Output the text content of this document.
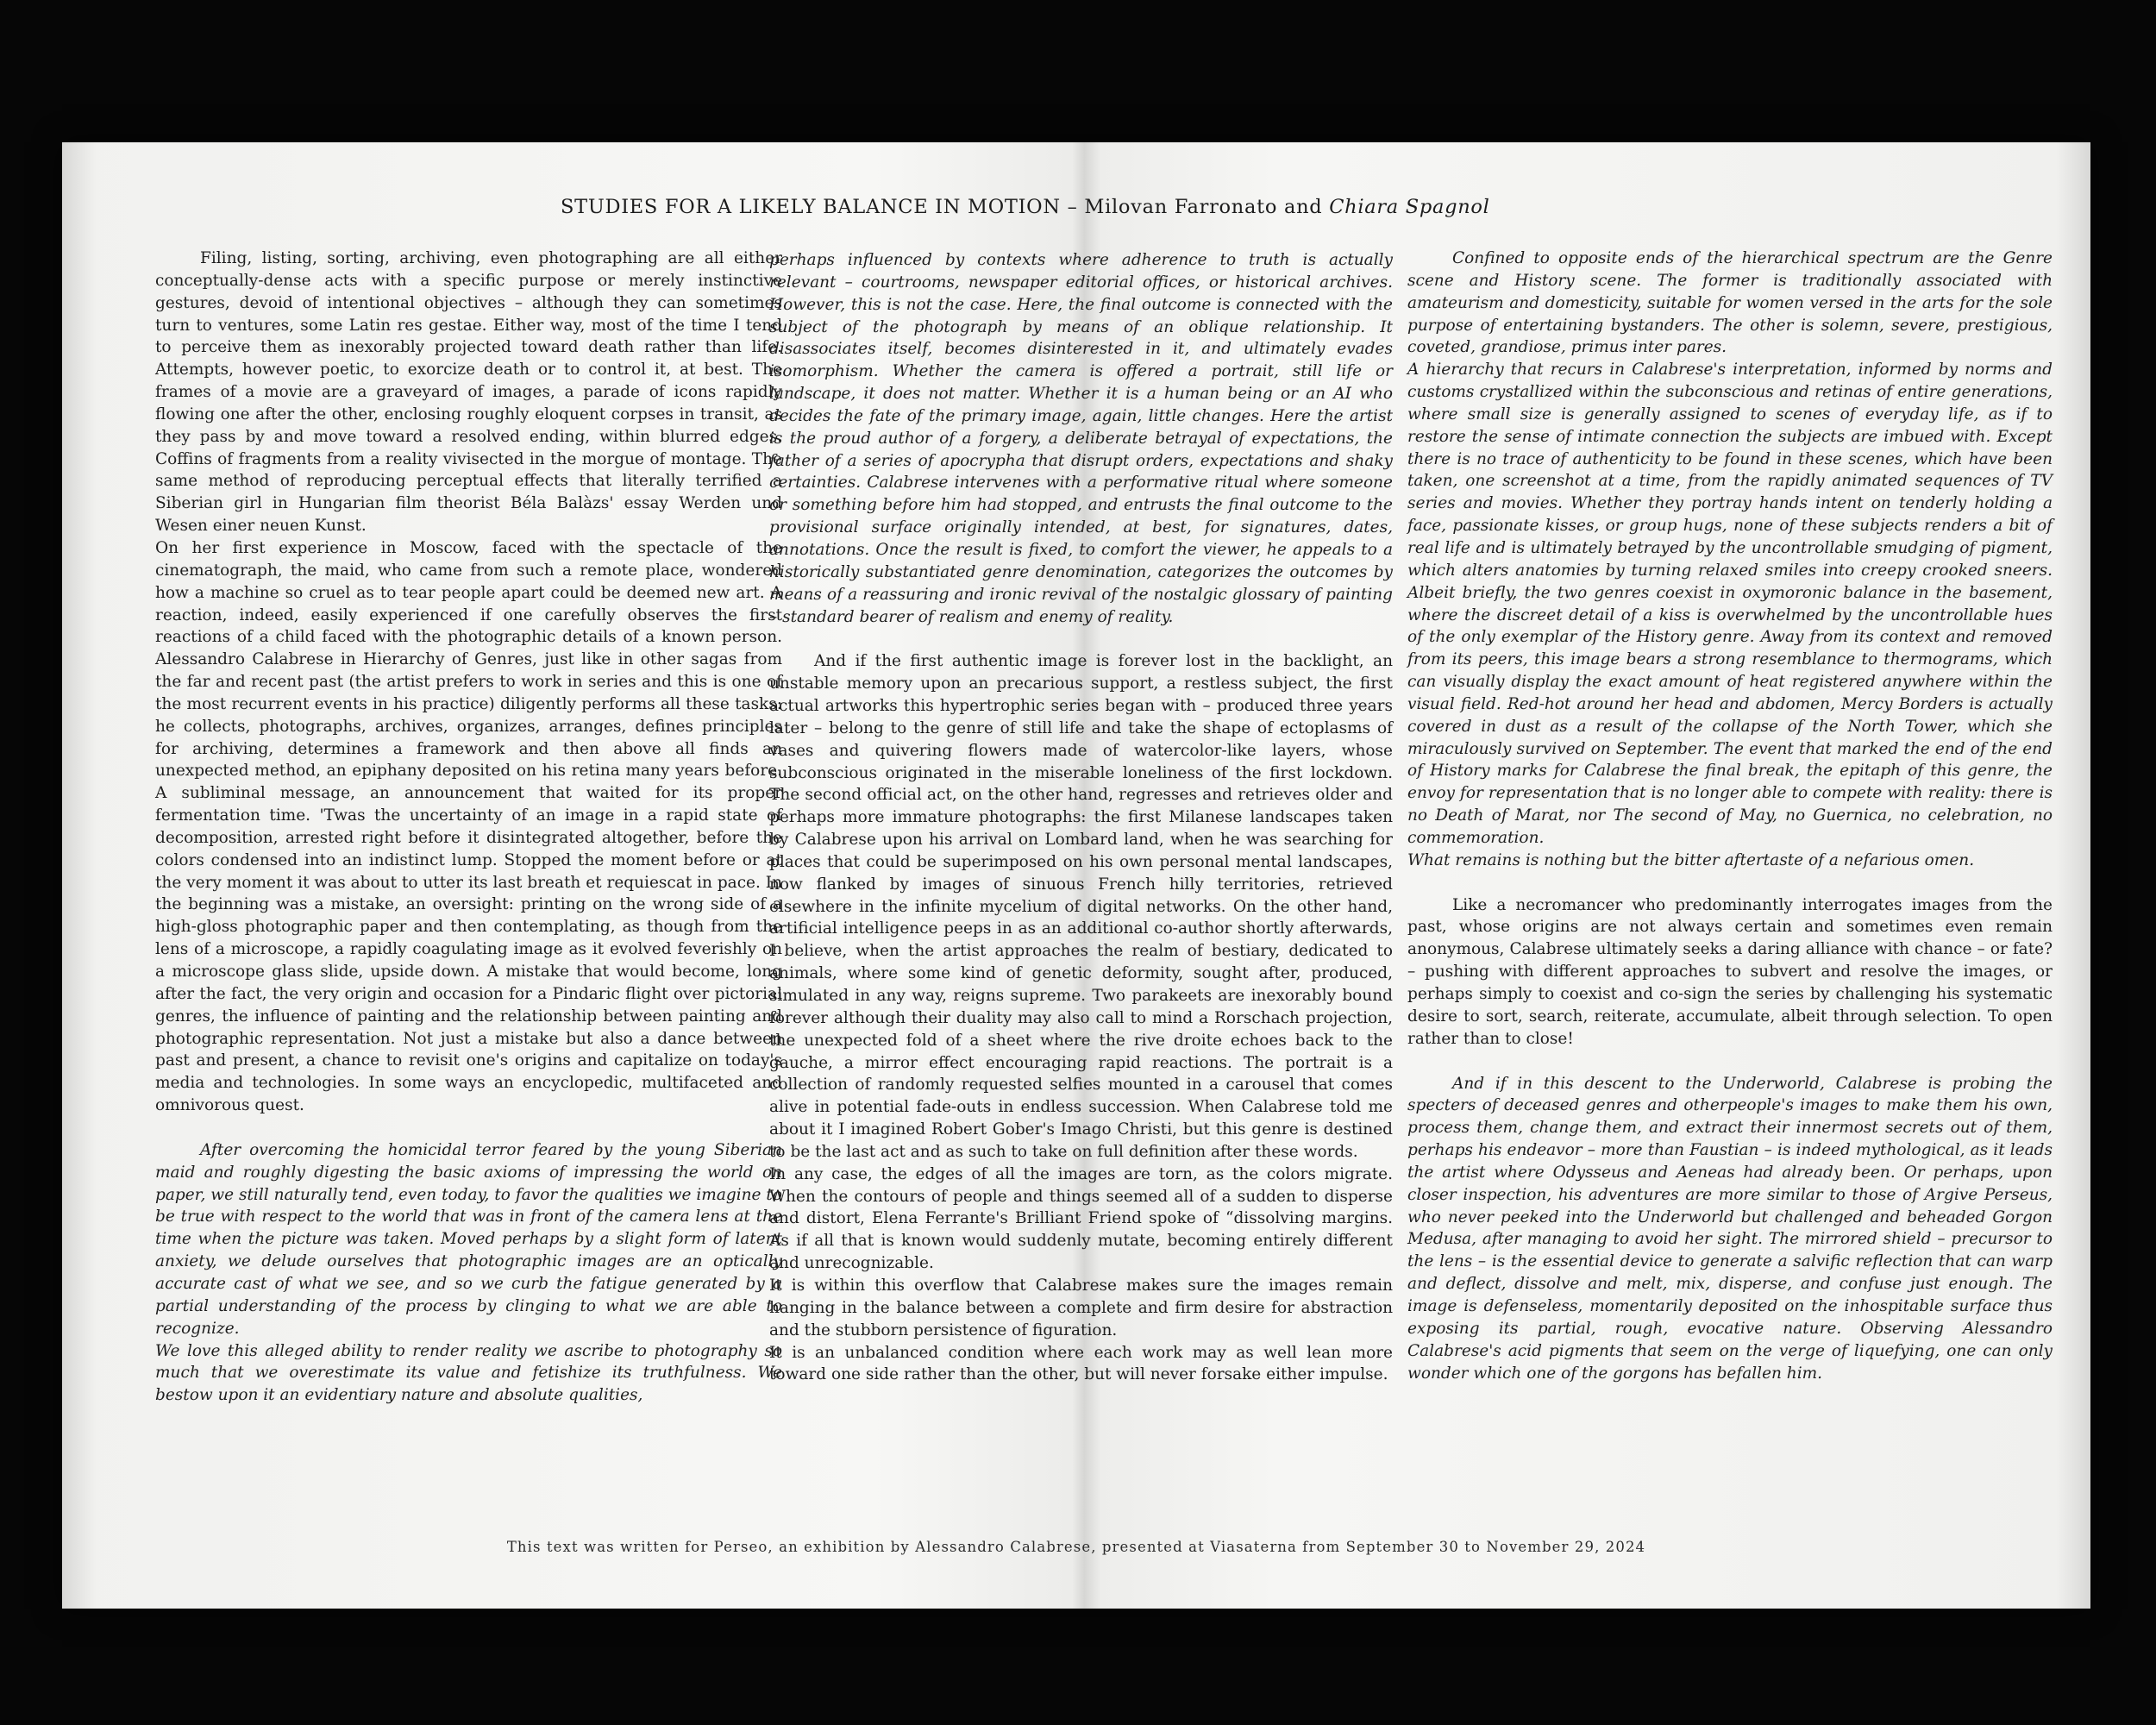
STUDIES FOR A LIKELY BALANCE IN MOTION – Milovan Farronato and Chiara Spagnol

Filing, listing, sorting, archiving, even photographing are all either conceptually-dense acts with a specific purpose or merely instinctive gestures, devoid of intentional objectives – although they can sometimes turn to ventures, some Latin res gestae. Either way, most of the time I tend to perceive them as inexorably projected toward death rather than life. Attempts, however poetic, to exorcize death or to control it, at best. The frames of a movie are a graveyard of images, a parade of icons rapidly flowing one after the other, enclosing roughly eloquent corpses in transit, as they pass by and move toward a resolved ending, within blurred edges. Coffins of fragments from a reality vivisected in the morgue of montage. The same method of reproducing perceptual effects that literally terrified a Siberian girl in Hungarian film theorist Béla Balàzs' essay Werden und Wesen einer neuen Kunst.

On her first experience in Moscow, faced with the spectacle of the cinematograph, the maid, who came from such a remote place, wondered how a machine so cruel as to tear people apart could be deemed new art. A reaction, indeed, easily experienced if one carefully observes the first reactions of a child faced with the photographic details of a known person. Alessandro Calabrese in Hierarchy of Genres, just like in other sagas from the far and recent past (the artist prefers to work in series and this is one of the most recurrent events in his practice) diligently performs all these tasks: he collects, photographs, archives, organizes, arranges, defines principles for archiving, determines a framework and then above all finds an unexpected method, an epiphany deposited on his retina many years before. A subliminal message, an announcement that waited for its proper fermentation time. 'Twas the uncertainty of an image in a rapid state of decomposition, arrested right before it disintegrated altogether, before the colors condensed into an indistinct lump. Stopped the moment before or at the very moment it was about to utter its last breath et requiescat in pace. In the beginning was a mistake, an oversight: printing on the wrong side of a high-gloss photographic paper and then contemplating, as though from the lens of a microscope, a rapidly coagulating image as it evolved feverishly on a microscope glass slide, upside down. A mistake that would become, long after the fact, the very origin and occasion for a Pindaric flight over pictorial genres, the influence of painting and the relationship between painting and photographic representation. Not just a mistake but also a dance between past and present, a chance to revisit one's origins and capitalize on today's media and technologies. In some ways an encyclopedic, multifaceted and omnivorous quest.

After overcoming the homicidal terror feared by the young Siberian maid and roughly digesting the basic axioms of impressing the world on paper, we still naturally tend, even today, to favor the qualities we imagine to be true with respect to the world that was in front of the camera lens at the time when the picture was taken. Moved perhaps by a slight form of latent anxiety, we delude ourselves that photographic images are an optically accurate cast of what we see, and so we curb the fatigue generated by a partial understanding of the process by clinging to what we are able to recognize.

We love this alleged ability to render reality we ascribe to photography so much that we overestimate its value and fetishize its truthfulness. We bestow upon it an evidentiary nature and absolute qualities,

perhaps influenced by contexts where adherence to truth is actually relevant – courtrooms, newspaper editorial offices, or historical archives. However, this is not the case. Here, the final outcome is connected with the subject of the photograph by means of an oblique relationship. It disassociates itself, becomes disinterested in it, and ultimately evades isomorphism. Whether the camera is offered a portrait, still life or landscape, it does not matter. Whether it is a human being or an AI who decides the fate of the primary image, again, little changes. Here the artist is the proud author of a forgery, a deliberate betrayal of expectations, the father of a series of apocrypha that disrupt orders, expectations and shaky certainties. Calabrese intervenes with a performative ritual where someone or something before him had stopped, and entrusts the final outcome to the provisional surface originally intended, at best, for signatures, dates, annotations. Once the result is fixed, to comfort the viewer, he appeals to a historically substantiated genre denomination, categorizes the outcomes by means of a reassuring and ironic revival of the nostalgic glossary of painting – standard bearer of realism and enemy of reality.

And if the first authentic image is forever lost in the backlight, an unstable memory upon an precarious support, a restless subject, the first actual artworks this hypertrophic series began with – produced three years later – belong to the genre of still life and take the shape of ectoplasms of vases and quivering flowers made of watercolor-like layers, whose subconscious originated in the miserable loneliness of the first lockdown. The second official act, on the other hand, regresses and retrieves older and perhaps more immature photographs: the first Milanese landscapes taken by Calabrese upon his arrival on Lombard land, when he was searching for places that could be superimposed on his own personal mental landscapes, now flanked by images of sinuous French hilly territories, retrieved elsewhere in the infinite mycelium of digital networks. On the other hand, artificial intelligence peeps in as an additional co-author shortly afterwards, I believe, when the artist approaches the realm of bestiary, dedicated to animals, where some kind of genetic deformity, sought after, produced, simulated in any way, reigns supreme. Two parakeets are inexorably bound forever although their duality may also call to mind a Rorschach projection, the unexpected fold of a sheet where the rive droite echoes back to the gauche, a mirror effect encouraging rapid reactions. The portrait is a collection of randomly requested selfies mounted in a carousel that comes alive in potential fade-outs in endless succession. When Calabrese told me about it I imagined Robert Gober's Imago Christi, but this genre is destined to be the last act and as such to take on full definition after these words.

In any case, the edges of all the images are torn, as the colors migrate. When the contours of people and things seemed all of a sudden to disperse and distort, Elena Ferrante's Brilliant Friend spoke of “dissolving margins. As if all that is known would suddenly mutate, becoming entirely different and unrecognizable.

It is within this overflow that Calabrese makes sure the images remain hanging in the balance between a complete and firm desire for abstraction and the stubborn persistence of figuration.

It is an unbalanced condition where each work may as well lean more toward one side rather than the other, but will never forsake either impulse.

Confined to opposite ends of the hierarchical spectrum are the Genre scene and History scene. The former is traditionally associated with amateurism and domesticity, suitable for women versed in the arts for the sole purpose of entertaining bystanders. The other is solemn, severe, prestigious, coveted, grandiose, primus inter pares.

A hierarchy that recurs in Calabrese's interpretation, informed by norms and customs crystallized within the subconscious and retinas of entire generations, where small size is generally assigned to scenes of everyday life, as if to restore the sense of intimate connection the subjects are imbued with. Except there is no trace of authenticity to be found in these scenes, which have been taken, one screenshot at a time, from the rapidly animated sequences of TV series and movies. Whether they portray hands intent on tenderly holding a face, passionate kisses, or group hugs, none of these subjects renders a bit of real life and is ultimately betrayed by the uncontrollable smudging of pigment, which alters anatomies by turning relaxed smiles into creepy crooked sneers. Albeit briefly, the two genres coexist in oxymoronic balance in the basement, where the discreet detail of a kiss is overwhelmed by the uncontrollable hues of the only exemplar of the History genre. Away from its context and removed from its peers, this image bears a strong resemblance to thermograms, which can visually display the exact amount of heat registered anywhere within the visual field. Red-hot around her head and abdomen, Mercy Borders is actually covered in dust as a result of the collapse of the North Tower, which she miraculously survived on September. The event that marked the end of the end of History marks for Calabrese the final break, the epitaph of this genre, the envoy for representation that is no longer able to compete with reality: there is no Death of Marat, nor The second of May, no Guernica, no celebration, no commemoration.

What remains is nothing but the bitter aftertaste of a nefarious omen.

Like a necromancer who predominantly interrogates images from the past, whose origins are not always certain and sometimes even remain anonymous, Calabrese ultimately seeks a daring alliance with chance – or fate? – pushing with different approaches to subvert and resolve the images, or perhaps simply to coexist and co-sign the series by challenging his systematic desire to sort, search, reiterate, accumulate, albeit through selection. To open rather than to close!

And if in this descent to the Underworld, Calabrese is probing the specters of deceased genres and otherpeople's images to make them his own, process them, change them, and extract their innermost secrets out of them, perhaps his endeavor – more than Faustian – is indeed mythological, as it leads the artist where Odysseus and Aeneas had already been. Or perhaps, upon closer inspection, his adventures are more similar to those of Argive Perseus, who never peeked into the Underworld but challenged and beheaded Gorgon Medusa, after managing to avoid her sight. The mirrored shield – precursor to the lens – is the essential device to generate a salvific reflection that can warp and deflect, dissolve and melt, mix, disperse, and confuse just enough. The image is defenseless, momentarily deposited on the inhospitable surface thus exposing its partial, rough, evocative nature. Observing Alessandro Calabrese's acid pigments that seem on the verge of liquefying, one can only wonder which one of the gorgons has befallen him.

This text was written for Perseo, an exhibition by Alessandro Calabrese, presented at Viasaterna from September 30 to November 29, 2024
